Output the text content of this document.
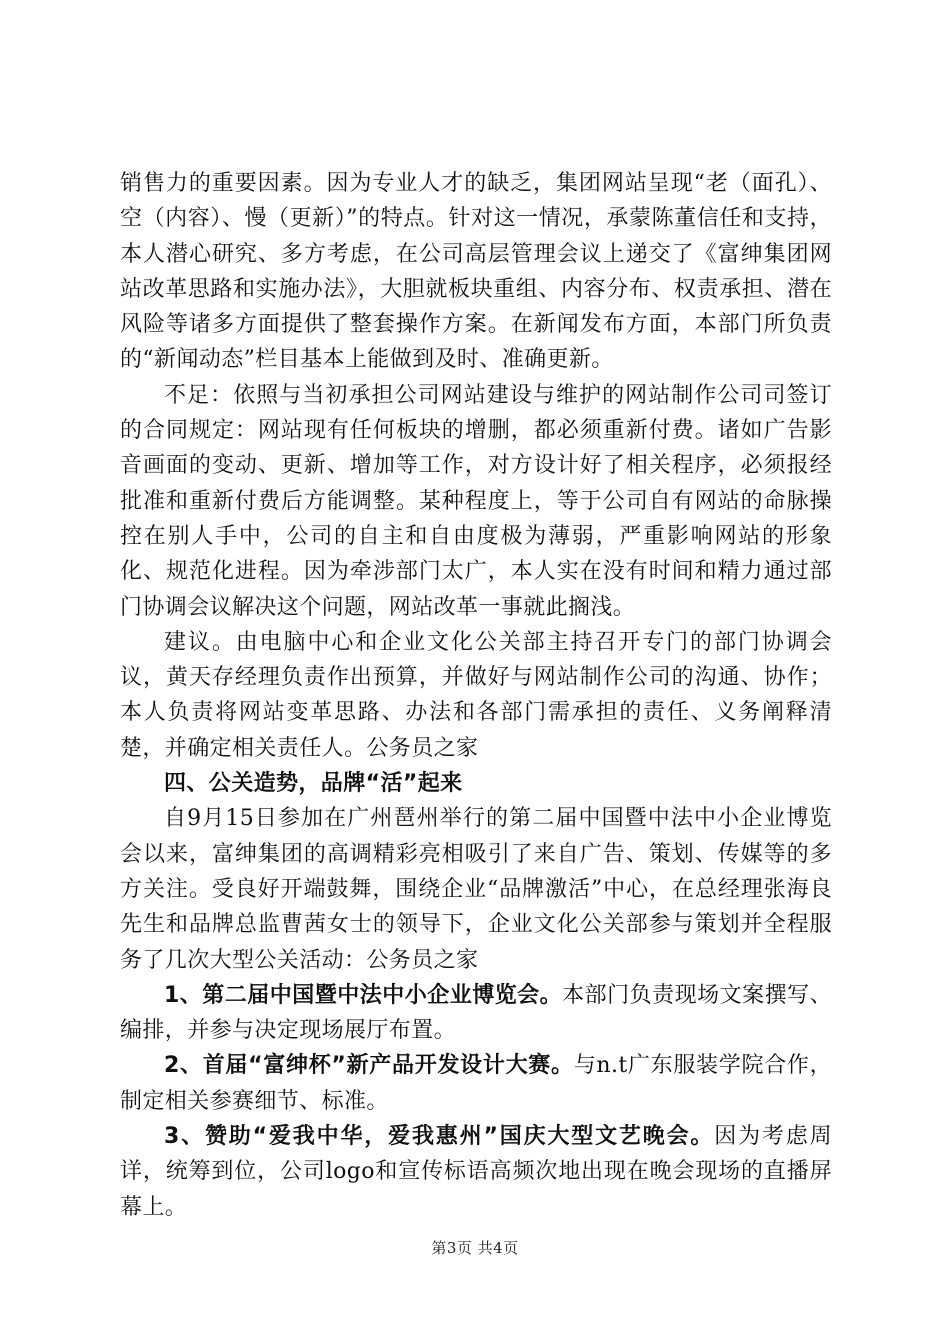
销售力的重要因素。因为专业人才的缺乏，集团网站呈现“老（面孔）、空（内容）、慢（更新）”的特点。针对这一情况，承蒙陈董信任和支持，本人潜心研究、多方考虑，在公司高层管理会议上递交了《富绅集团网站改革思路和实施办法》，大胆就板块重组、内容分布、权责承担、潜在风险等诸多方面提供了整套操作方案。在新闻发布方面，本部门所负责的“新闻动态”栏目基本上能做到及时、准确更新。

不足：依照与当初承担公司网站建设与维护的网站制作公司司签订的合同规定：网站现有任何板块的增删，都必须重新付费。诸如广告影音画面的变动、更新、增加等工作，对方设计好了相关程序，必须报经批准和重新付费后方能调整。某种程度上，等于公司自有网站的命脉操控在别人手中，公司的自主和自由度极为薄弱，严重影响网站的形象化、规范化进程。因为牵涉部门太广，本人实在没有时间和精力通过部门协调会议解决这个问题，网站改革一事就此搁浅。

建议。由电脑中心和企业文化公关部主持召开专门的部门协调会议，黄天存经理负责作出预算，并做好与网站制作公司的沟通、协作；本人负责将网站变革思路、办法和各部门需承担的责任、义务阐释清楚，并确定相关责任人。公务员之家

四、公关造势，品牌“活”起来

自9月15日参加在广州琶州举行的第二届中国暨中法中小企业博览会以来，富绅集团的高调精彩亮相吸引了来自广告、策划、传媒等的多方关注。受良好开端鼓舞，围绕企业“品牌激活”中心，在总经理张海良先生和品牌总监曹茜女士的领导下，企业文化公关部参与策划并全程服务了几次大型公关活动：公务员之家

1、第二届中国暨中法中小企业博览会。本部门负责现场文案撰写、编排，并参与决定现场展厅布置。

2、首届“富绅杯”新产品开发设计大赛。与n.t广东服装学院合作，制定相关参赛细节、标准。

3、赞助“爱我中华，爱我惠州”国庆大型文艺晚会。因为考虑周详，统筹到位，公司logo和宣传标语高频次地出现在晚会现场的直播屏幕上。

第3页 共4页
